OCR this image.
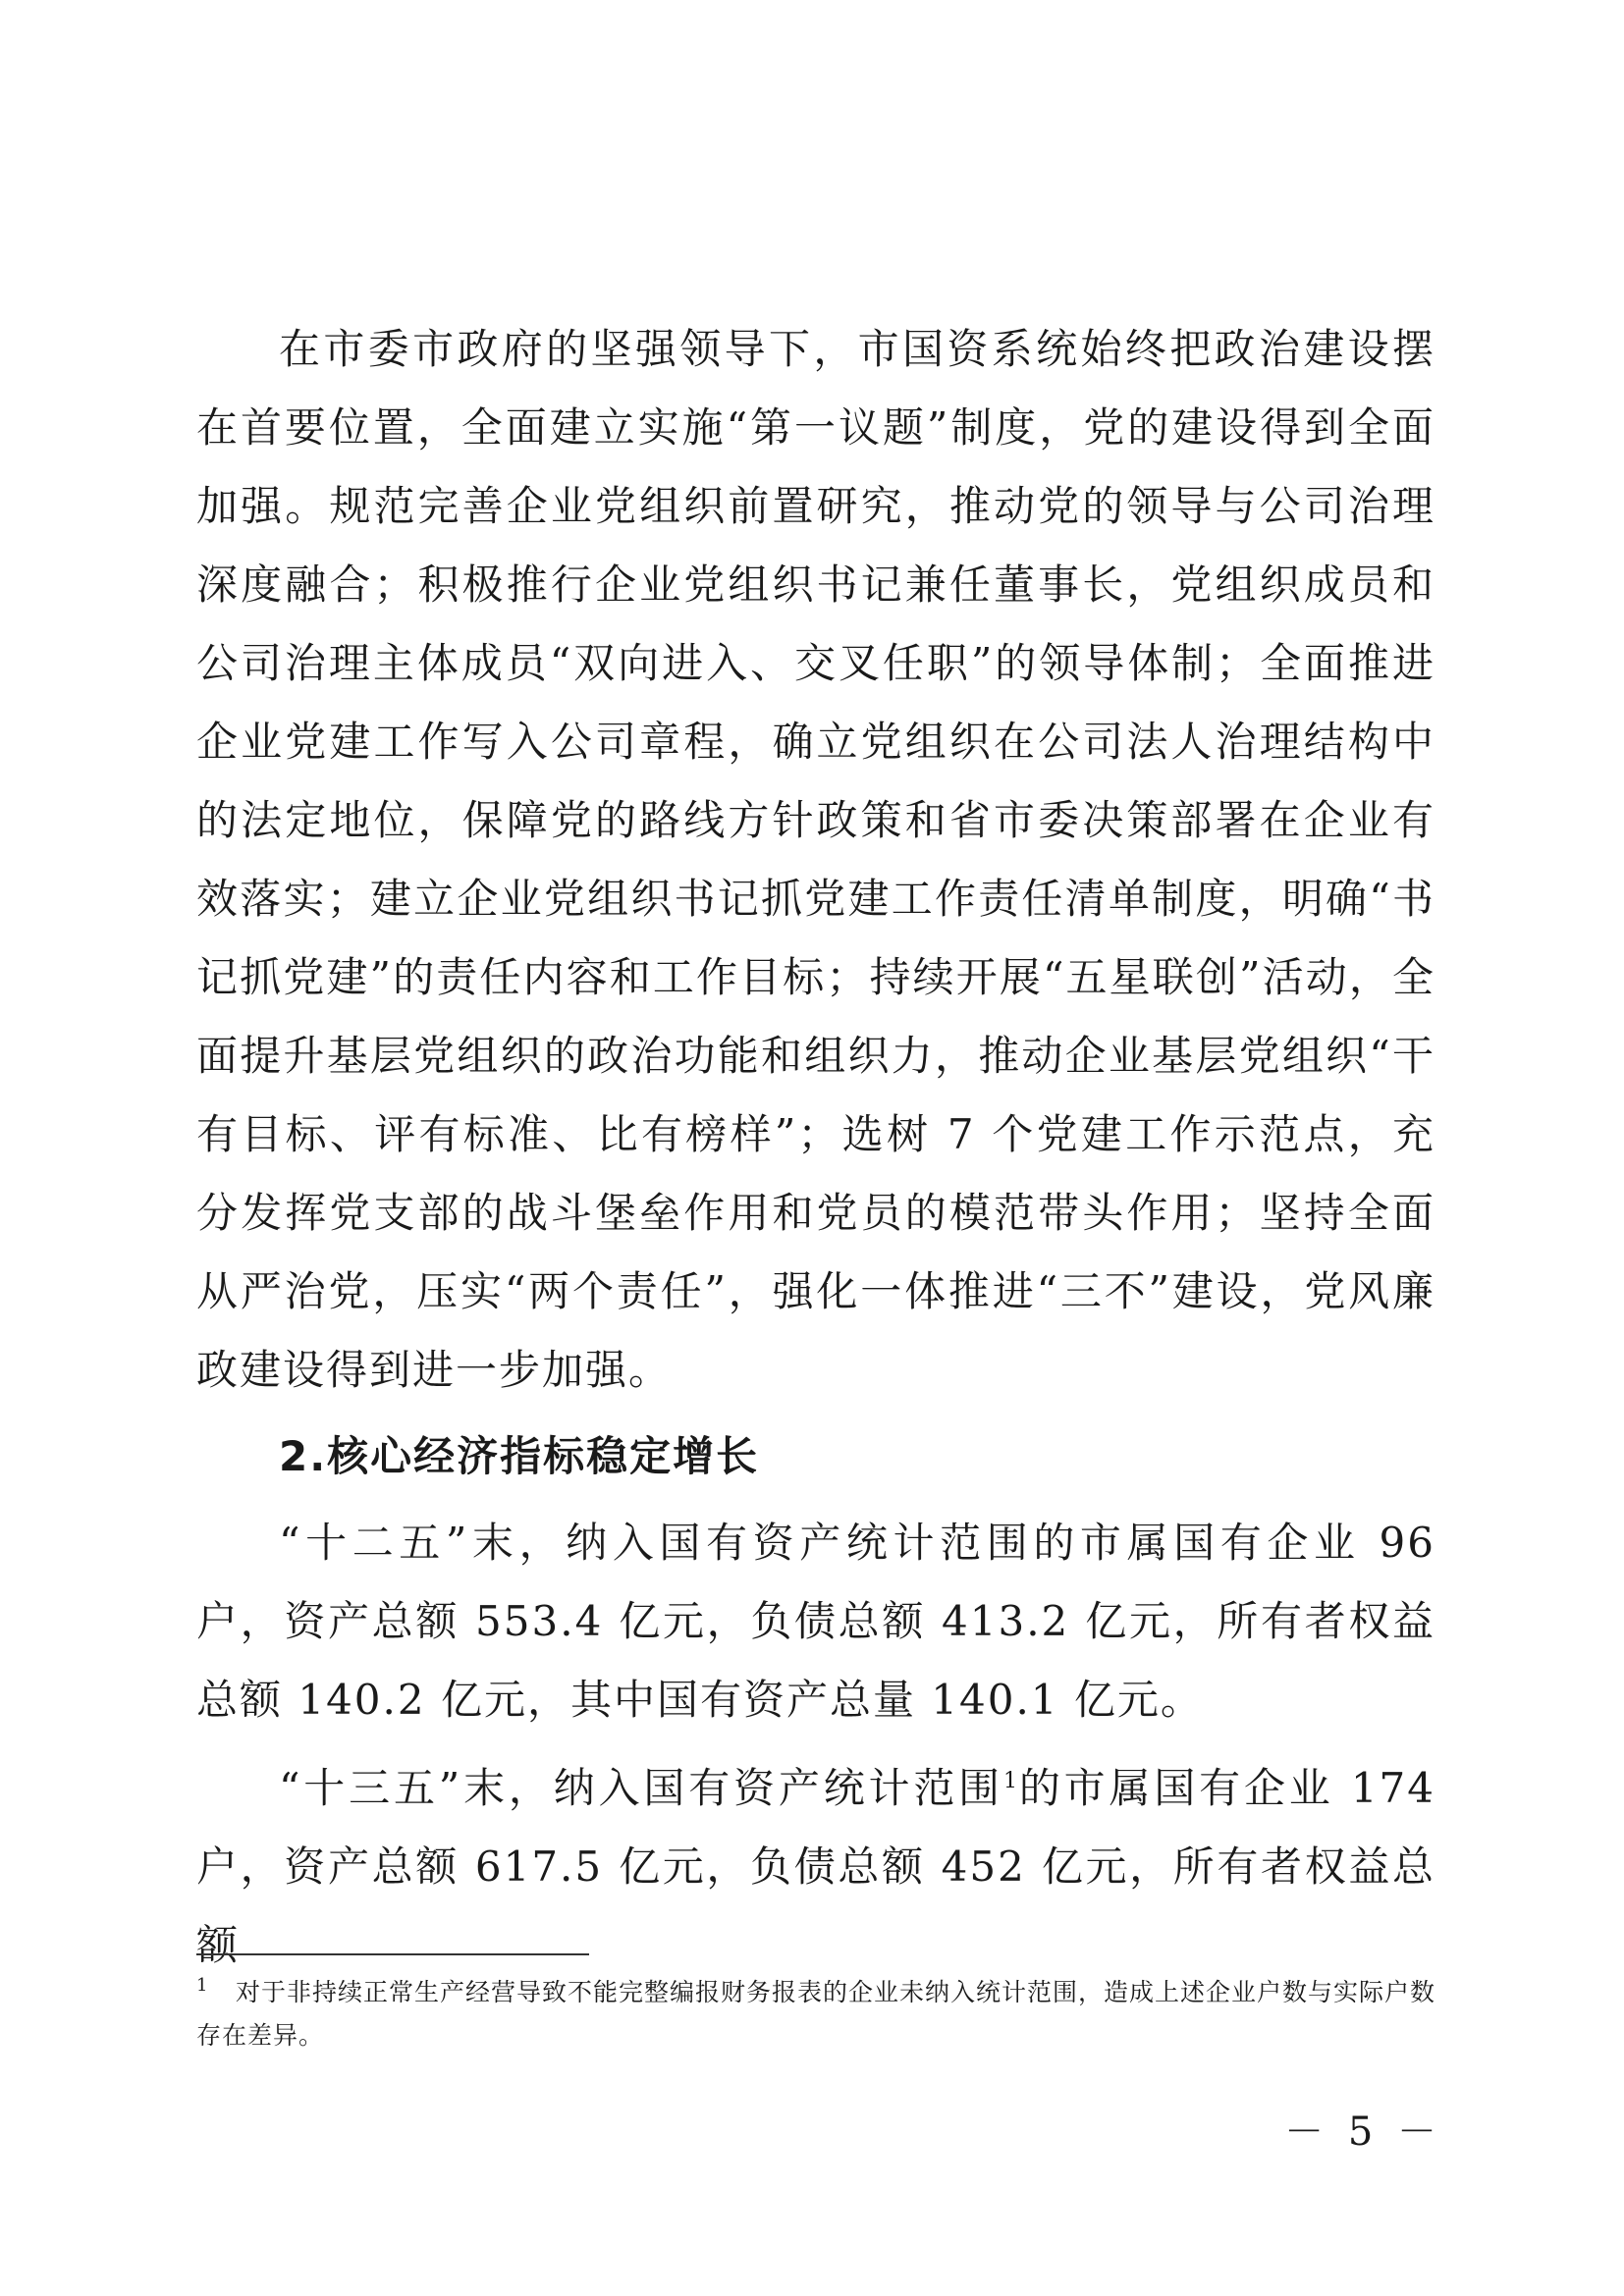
在市委市政府的坚强领导下，市国资系统始终把政治建设摆在首要位置，全面建立实施“第一议题”制度，党的建设得到全面加强。规范完善企业党组织前置研究，推动党的领导与公司治理深度融合；积极推行企业党组织书记兼任董事长，党组织成员和公司治理主体成员“双向进入、交叉任职”的领导体制；全面推进企业党建工作写入公司章程，确立党组织在公司法人治理结构中的法定地位，保障党的路线方针政策和省市委决策部署在企业有效落实；建立企业党组织书记抓党建工作责任清单制度，明确“书记抓党建”的责任内容和工作目标；持续开展“五星联创”活动，全面提升基层党组织的政治功能和组织力，推动企业基层党组织“干有目标、评有标准、比有榜样”；选树 7 个党建工作示范点，充分发挥党支部的战斗堡垒作用和党员的模范带头作用；坚持全面从严治党，压实“两个责任”，强化一体推进“三不”建设，党风廉政建设得到进一步加强。

2.核心经济指标稳定增长

“十二五”末，纳入国有资产统计范围的市属国有企业 96 户，资产总额 553.4 亿元，负债总额 413.2 亿元，所有者权益总额 140.2 亿元，其中国有资产总量 140.1 亿元。

“十三五”末，纳入国有资产统计范围$^1$的市属国有企业 174 户，资产总额 617.5 亿元，负债总额 452 亿元，所有者权益总额

1 对于非持续正常生产经营导致不能完整编报财务报表的企业未纳入统计范围，造成上述企业户数与实际户数存在差异。
－ 5 －
